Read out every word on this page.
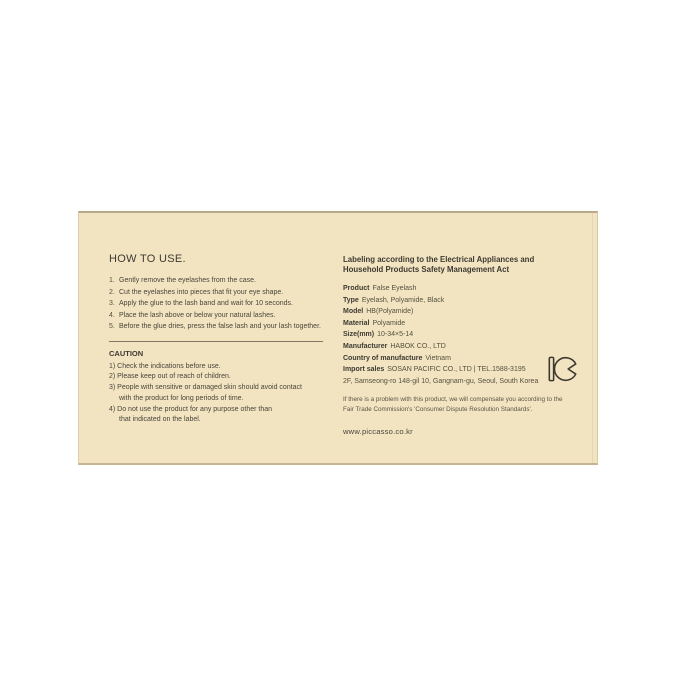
HOW TO USE.
1. Gently remove the eyelashes from the case.
2. Cut the eyelashes into pieces that fit your eye shape.
3. Apply the glue to the lash band and wait for 10 seconds.
4. Place the lash above or below your natural lashes.
5. Before the glue dries, press the false lash and your lash together.
CAUTION
1) Check the indications before use.
2) Please keep out of reach of children.
3) People with sensitive or damaged skin should avoid contact
with the product for long periods of time.
4) Do not use the product for any purpose other than
that indicated on the label.
Labeling according to the Electrical Appliances and
Household Products Safety Management Act
Product False Eyelash
Type Eyelash, Polyamide, Black
Model HB(Polyamide)
Material Polyamide
Size(mm) 10-34×5-14
Manufacturer HABOK CO., LTD
Country of manufacture Vietnam
Import sales SOSAN PACIFIC CO., LTD | TEL.1588-3195
2F, Samseong-ro 148-gil 10, Gangnam-gu, Seoul, South Korea
If there is a problem with this product, we will compensate you according to the
Fair Trade Commission's 'Consumer Dispute Resolution Standards'.
www.piccasso.co.kr
